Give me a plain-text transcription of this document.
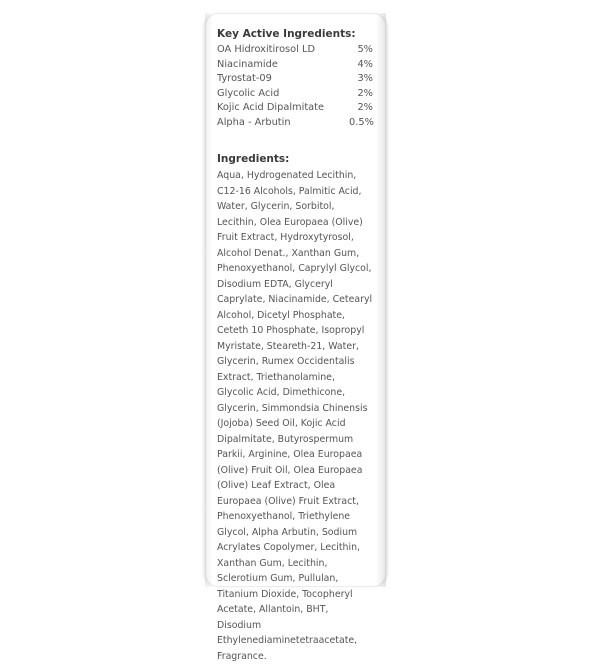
Key Active Ingredients:
OA Hidroxitirosol LD	5%
Niacinamide	4%
Tyrostat-09	3%
Glycolic Acid	2%
Kojic Acid Dipalmitate	2%
Alpha - Arbutin	0.5%
Ingredients:

Aqua, Hydrogenated Lecithin, C12-16 Alcohols, Palmitic Acid, Water, Glycerin, Sorbitol, Lecithin, Olea Europaea (Olive) Fruit Extract, Hydroxytyrosol, Alcohol Denat., Xanthan Gum, Phenoxyethanol, Caprylyl Glycol, Disodium EDTA, Glyceryl Caprylate, Niacinamide, Cetearyl Alcohol, Dicetyl Phosphate, Ceteth 10 Phosphate, Isopropyl Myristate, Steareth-21, Water, Glycerin, Rumex Occidentalis Extract, Triethanolamine, Glycolic Acid, Dimethicone, Glycerin, Simmondsia Chinensis (Jojoba) Seed Oil, Kojic Acid Dipalmitate, Butyrospermum Parkii, Arginine, Olea Europaea (Olive) Fruit Oil, Olea Europaea (Olive) Leaf Extract, Olea Europaea (Olive) Fruit Extract, Phenoxyethanol, Triethylene Glycol, Alpha Arbutin, Sodium Acrylates Copolymer, Lecithin, Xanthan Gum, Lecithin, Sclerotium Gum, Pullulan, Titanium Dioxide, Tocopheryl Acetate, Allantoin, BHT, Disodium Ethylenediaminetetraacetate, Fragrance.
